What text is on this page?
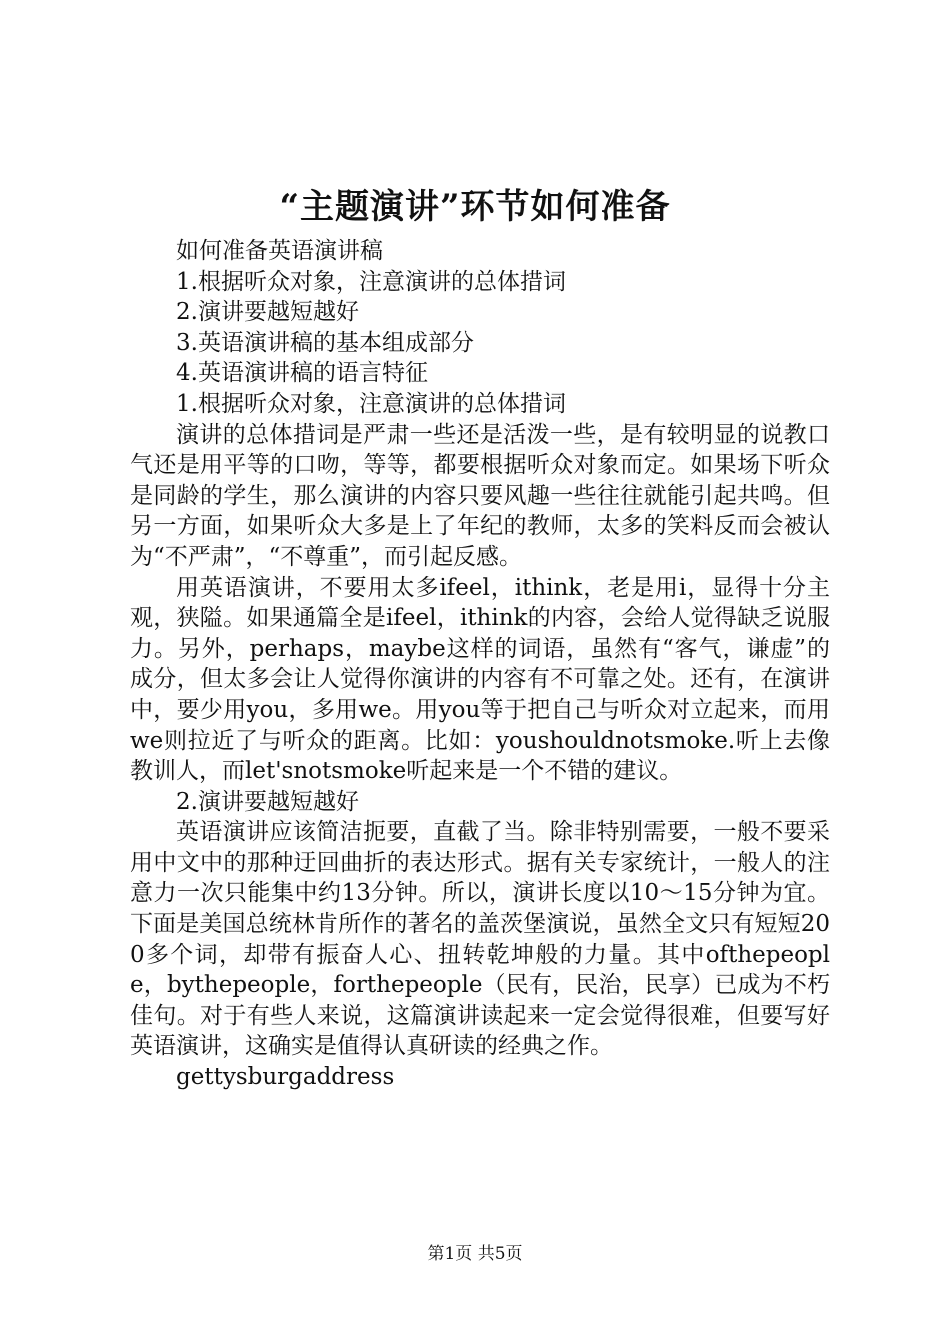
“主题演讲”环节如何准备

如何准备英语演讲稿

1.根据听众对象，注意演讲的总体措词

2.演讲要越短越好

3.英语演讲稿的基本组成部分

4.英语演讲稿的语言特征

1.根据听众对象，注意演讲的总体措词

演讲的总体措词是严肃一些还是活泼一些，是有较明显的说教口气还是用平等的口吻，等等，都要根据听众对象而定。如果场下听众是同龄的学生，那么演讲的内容只要风趣一些往往就能引起共鸣。但另一方面，如果听众大多是上了年纪的教师，太多的笑料反而会被认为“不严肃”，“不尊重”，而引起反感。

用英语演讲，不要用太多ifeel，ithink，老是用i，显得十分主观，狭隘。如果通篇全是ifeel，ithink的内容，会给人觉得缺乏说服力。另外，perhaps，maybe这样的词语，虽然有“客气，谦虚”的成分，但太多会让人觉得你演讲的内容有不可靠之处。还有，在演讲中，要少用you，多用we。用you等于把自己与听众对立起来，而用we则拉近了与听众的距离。比如：youshouldnotsmoke.听上去像教训人，而let'snotsmoke听起来是一个不错的建议。

2.演讲要越短越好

英语演讲应该简洁扼要，直截了当。除非特别需要，一般不要采用中文中的那种迂回曲折的表达形式。据有关专家统计，一般人的注意力一次只能集中约13分钟。所以，演讲长度以10～15分钟为宜。下面是美国总统林肯所作的著名的盖茨堡演说，虽然全文只有短短200多个词，却带有振奋人心、扭转乾坤般的力量。其中ofthepeople，bythepeople，forthepeople（民有，民治，民享）已成为不朽佳句。对于有些人来说，这篇演讲读起来一定会觉得很难，但要写好英语演讲，这确实是值得认真研读的经典之作。

gettysburgaddress

第1页 共5页
